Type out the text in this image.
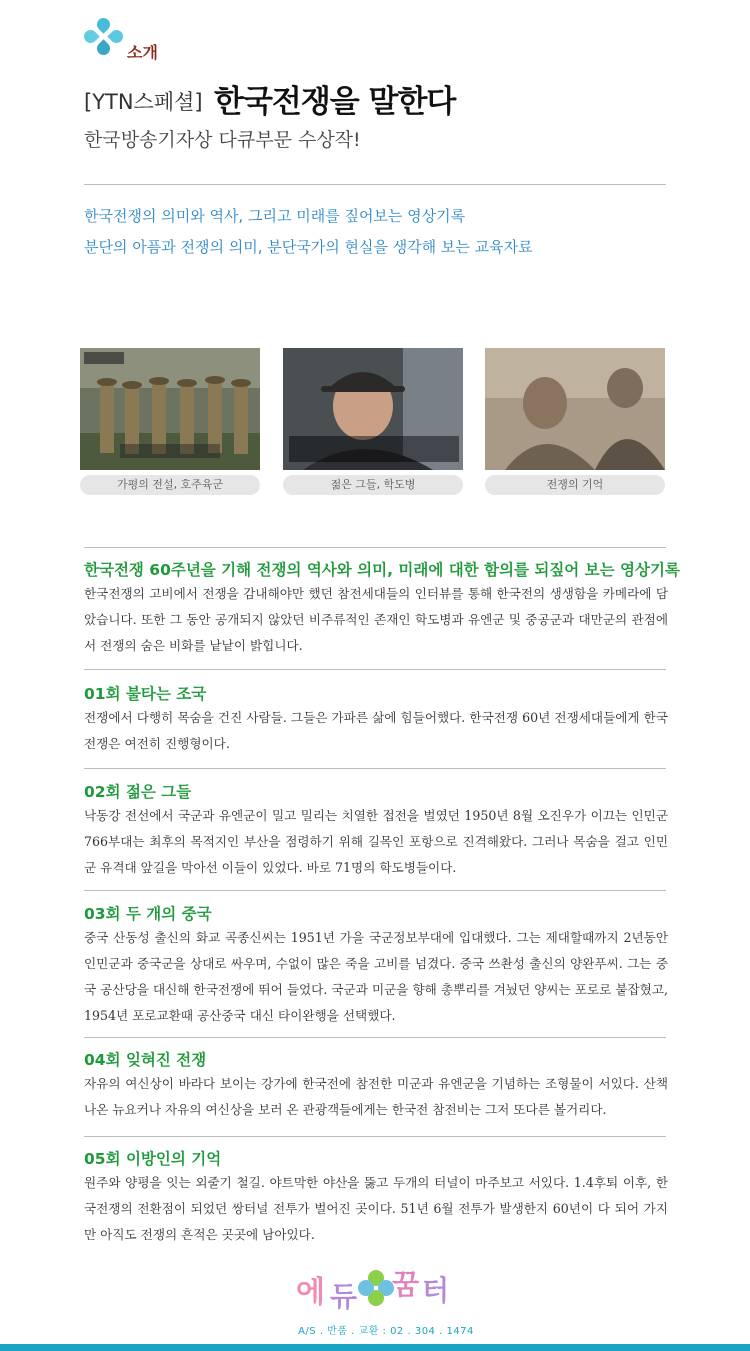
소개
[YTN스페셜] 한국전쟁을 말한다
한국방송기자상 다큐부문 수상작!
한국전쟁의 의미와 역사, 그리고 미래를 짚어보는 영상기록
분단의 아픔과 전쟁의 의미, 분단국가의 현실을 생각해 보는 교육자료
가평의 전설, 호주육군	젊은 그들, 학도병	전쟁의 기억
한국전쟁 60주년을 기해 전쟁의 역사와 의미, 미래에 대한 함의를 되짚어 보는 영상기록
한국전쟁의 고비에서 전쟁을 감내해야만 했던 참전세대들의 인터뷰를 통해 한국전의 생생함을 카메라에 담았습니다. 또한 그 동안 공개되지 않았던 비주류적인 존재인 학도병과 유엔군 및 중공군과 대만군의 관점에서 전쟁의 숨은 비화를 낱낱이 밝힙니다.
01회 불타는 조국
전쟁에서 다행히 목숨을 건진 사람들. 그들은 가파른 삶에 힘들어했다. 한국전쟁 60년 전쟁세대들에게 한국전쟁은 여전히 진행형이다.
02회 젊은 그들
낙동강 전선에서 국군과 유엔군이 밀고 밀리는 치열한 접전을 벌였던 1950년 8월 오진우가 이끄는 인민군 766부대는 최후의 목적지인 부산을 점령하기 위해 길목인 포항으로 진격해왔다. 그러나 목숨을 걸고 인민군 유격대 앞길을 막아선 이들이 있었다. 바로 71명의 학도병들이다.
03회 두 개의 중국
중국 산동성 출신의 화교 곡종신씨는 1951년 가을 국군정보부대에 입대했다. 그는 제대할때까지 2년동안 인민군과 중국군을 상대로 싸우며, 수없이 많은 죽을 고비를 넘겼다. 중국 쓰촨성 출신의 양완푸씨. 그는 중국 공산당을 대신해 한국전쟁에 뛰어 들었다. 국군과 미군을 향해 총뿌리를 겨눴던 양씨는 포로로 붙잡혔고, 1954년 포로교환때 공산중국 대신 타이완행을 선택했다.
04회 잊혀진 전쟁
자유의 여신상이 바라다 보이는 강가에 한국전에 참전한 미군과 유엔군을 기념하는 조형물이 서있다. 산책나온 뉴요커나 자유의 여신상을 보러 온 관광객들에게는 한국전 참전비는 그저 또다른 볼거리다.
05회 이방인의 기억
원주와 양평을 잇는 외줄기 철길. 야트막한 야산을 뚫고 두개의 터널이 마주보고 서있다. 1.4후퇴 이후, 한국전쟁의 전환점이 되었던 쌍터널 전투가 벌어진 곳이다. 51년 6월 전투가 발생한지 60년이 다 되어 가지만 아직도 전쟁의 흔적은 곳곳에 남아있다.
에 듀 꿈 터
A/S . 반품 . 교환 : 02 . 304 . 1474
